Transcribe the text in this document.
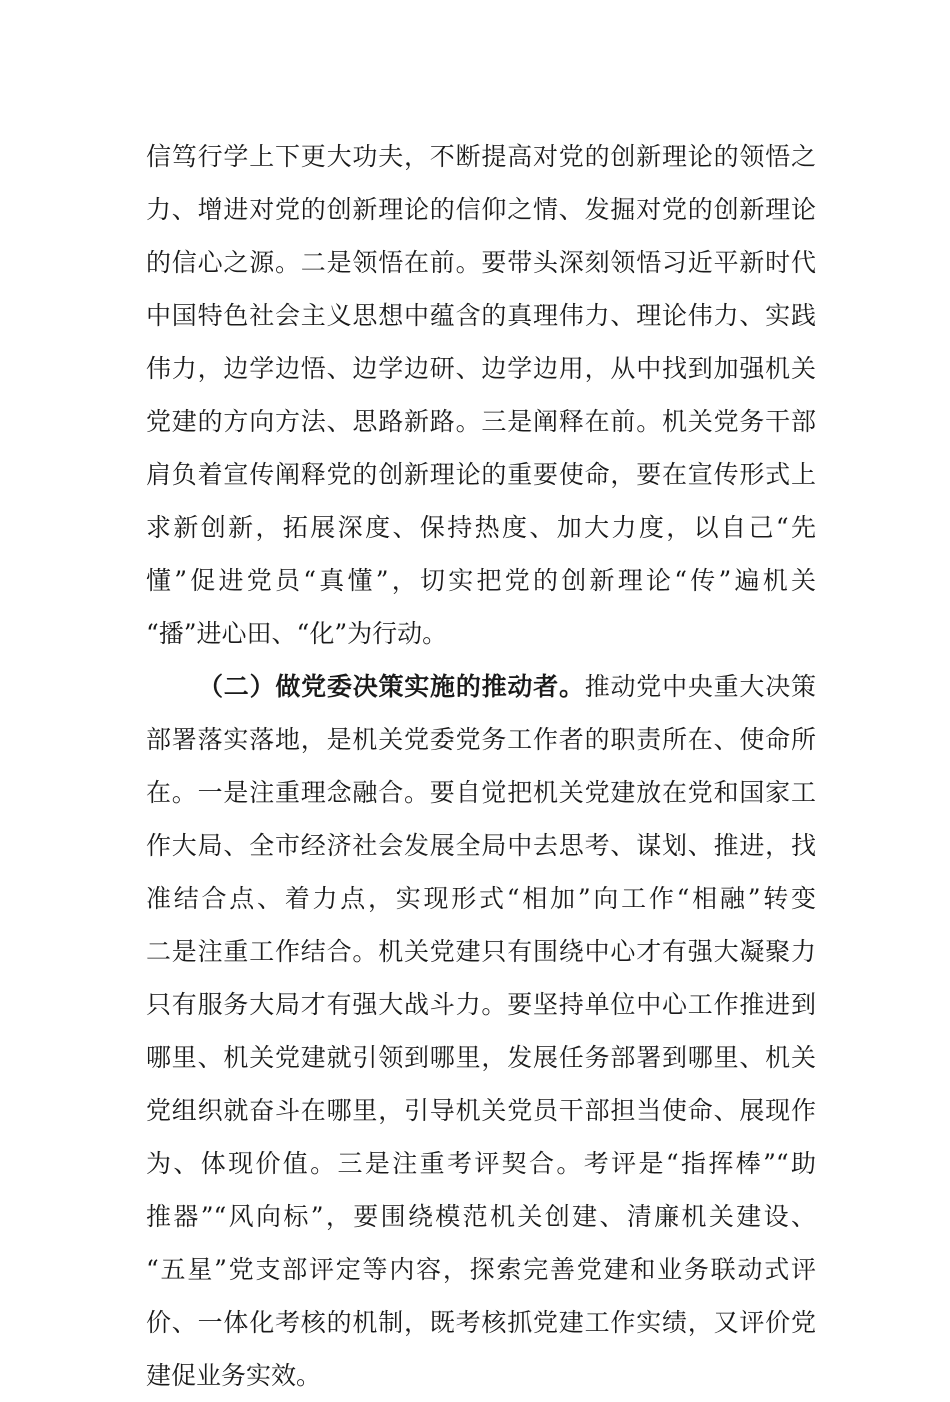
信笃行学上下更大功夫，不断提高对党的创新理论的领悟之
力、增进对党的创新理论的信仰之情、发掘对党的创新理论
的信心之源。二是领悟在前。要带头深刻领悟习近平新时代
中国特色社会主义思想中蕴含的真理伟力、理论伟力、实践
伟力，边学边悟、边学边研、边学边用，从中找到加强机关
党建的方向方法、思路新路。三是阐释在前。机关党务干部
肩负着宣传阐释党的创新理论的重要使命，要在宣传形式上
求新创新，拓展深度、保持热度、加大力度，以自己“先
懂”促进党员“真懂”，切实把党的创新理论“传”遍机关
“播”进心田、“化”为行动。
（二）做党委决策实施的推动者。推动党中央重大决策
部署落实落地，是机关党委党务工作者的职责所在、使命所
在。一是注重理念融合。要自觉把机关党建放在党和国家工
作大局、全市经济社会发展全局中去思考、谋划、推进，找
准结合点、着力点，实现形式“相加”向工作“相融”转变
二是注重工作结合。机关党建只有围绕中心才有强大凝聚力
只有服务大局才有强大战斗力。要坚持单位中心工作推进到
哪里、机关党建就引领到哪里，发展任务部署到哪里、机关
党组织就奋斗在哪里，引导机关党员干部担当使命、展现作
为、体现价值。三是注重考评契合。考评是“指挥棒”“助
推器”“风向标”，要围绕模范机关创建、清廉机关建设、
“五星”党支部评定等内容，探索完善党建和业务联动式评
价、一体化考核的机制，既考核抓党建工作实绩，又评价党
建促业务实效。
